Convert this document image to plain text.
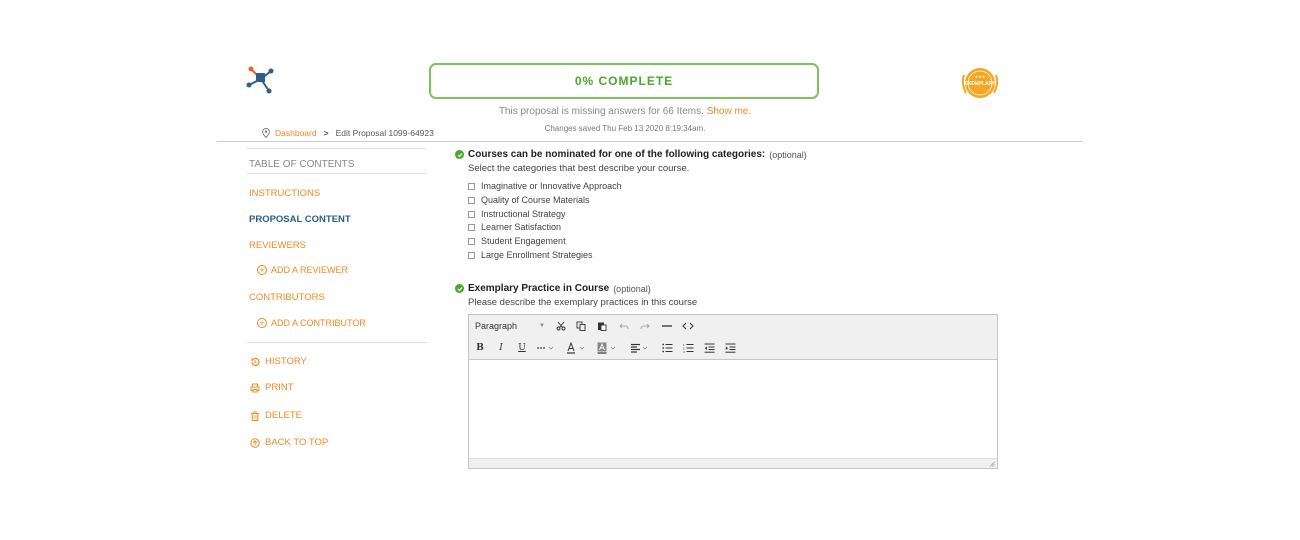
0% COMPLETE
This proposal is missing answers for 66 Items. Show me.
Changes saved Thu Feb 13 2020 8:19:34am.
EXEMPLARY
★★★
Dashboard > Edit Proposal 1099-64923
TABLE OF CONTENTS
INSTRUCTIONS
PROPOSAL CONTENT
REVIEWERS
+ ADD A REVIEWER
CONTRIBUTORS
+ ADD A CONTRIBUTOR
HISTORY
PRINT
DELETE
BACK TO TOP
Courses can be nominated for one of the following categories: (optional)
Select the categories that best describe your course.
Imaginative or Innovative Approach
Quality of Course Materials
Instructional Strategy
Learner Satisfaction
Student Engagement
Large Enrollment Strategies
Exemplary Practice in Course (optional)
Please describe the exemplary practices in this course
Paragraph	▼
B	I	U	1
2
3
